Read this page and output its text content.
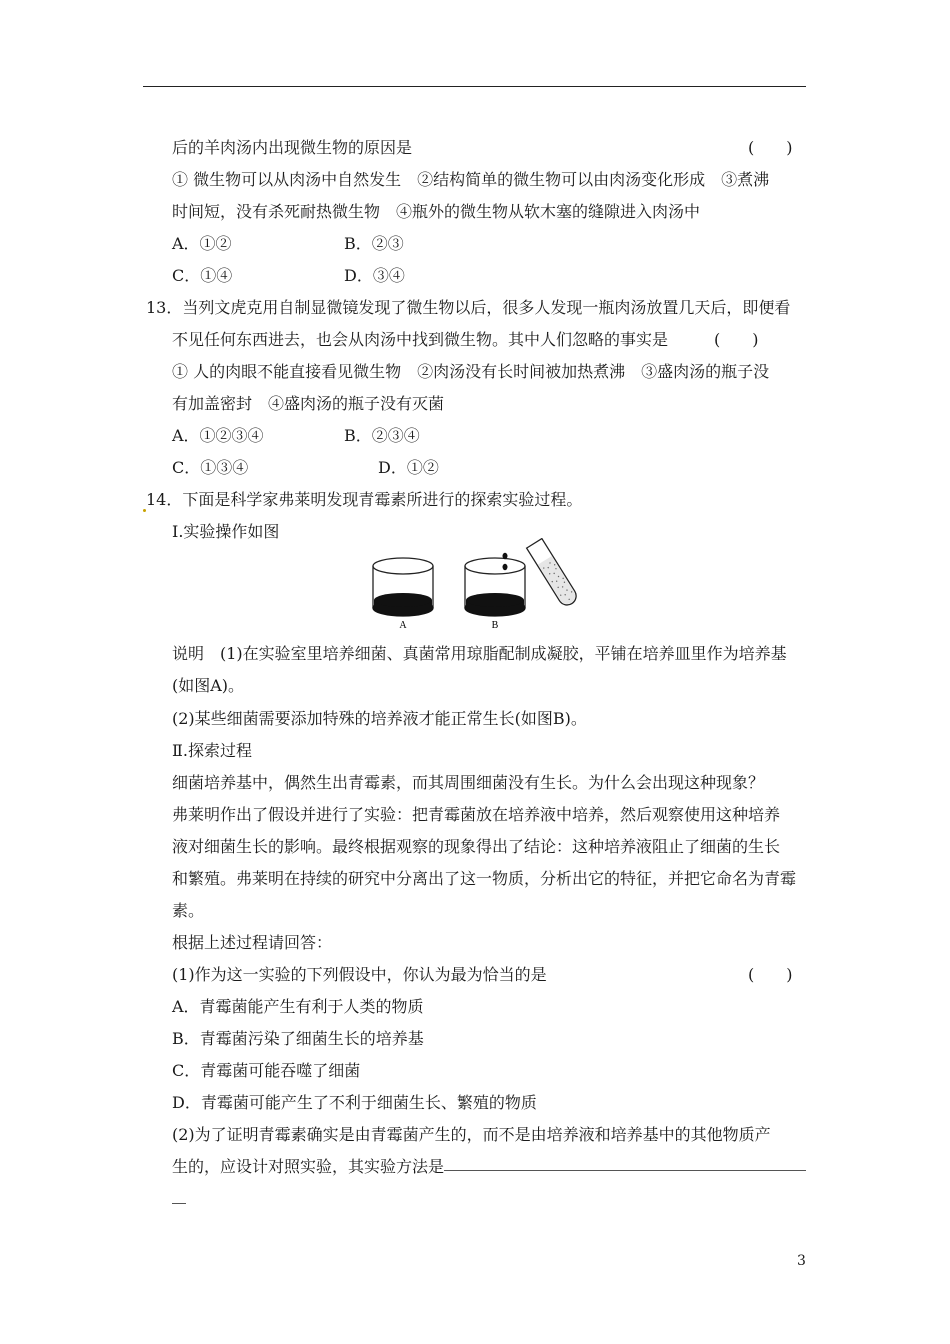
后的羊肉汤内出现微生物的原因是	(　　)
① 微生物可以从肉汤中自然发生　②结构简单的微生物可以由肉汤变化形成　③煮沸
时间短，没有杀死耐热微生物　④瓶外的微生物从软木塞的缝隙进入肉汤中
A．①②	B．②③
C．①④	D．③④
13．当列文虎克用自制显微镜发现了微生物以后，很多人发现一瓶肉汤放置几天后，即便看
不见任何东西进去，也会从肉汤中找到微生物。其中人们忽略的事实是	(　　)
① 人的肉眼不能直接看见微生物　②肉汤没有长时间被加热煮沸　③盛肉汤的瓶子没
有加盖密封　④盛肉汤的瓶子没有灭菌
A．①②③④	B．②③④
C．①③④	D．①②
14．下面是科学家弗莱明发现青霉素所进行的探索实验过程。
Ⅰ.实验操作如图
A	B
说明　(1)在实验室里培养细菌、真菌常用琼脂配制成凝胶，平铺在培养皿里作为培养基
(如图A)。
(2)某些细菌需要添加特殊的培养液才能正常生长(如图B)。
Ⅱ.探索过程
细菌培养基中，偶然生出青霉素，而其周围细菌没有生长。为什么会出现这种现象？
弗莱明作出了假设并进行了实验：把青霉菌放在培养液中培养，然后观察使用这种培养
液对细菌生长的影响。最终根据观察的现象得出了结论：这种培养液阻止了细菌的生长
和繁殖。弗莱明在持续的研究中分离出了这一物质，分析出它的特征，并把它命名为青霉
素。
根据上述过程请回答：
(1)作为这一实验的下列假设中，你认为最为恰当的是	(　　)
A．青霉菌能产生有利于人类的物质
B．青霉菌污染了细菌生长的培养基
C．青霉菌可能吞噬了细菌
D．青霉菌可能产生了不利于细菌生长、繁殖的物质
(2)为了证明青霉素确实是由青霉菌产生的，而不是由培养液和培养基中的其他物质产
生的，应设计对照实验，其实验方法是
3
